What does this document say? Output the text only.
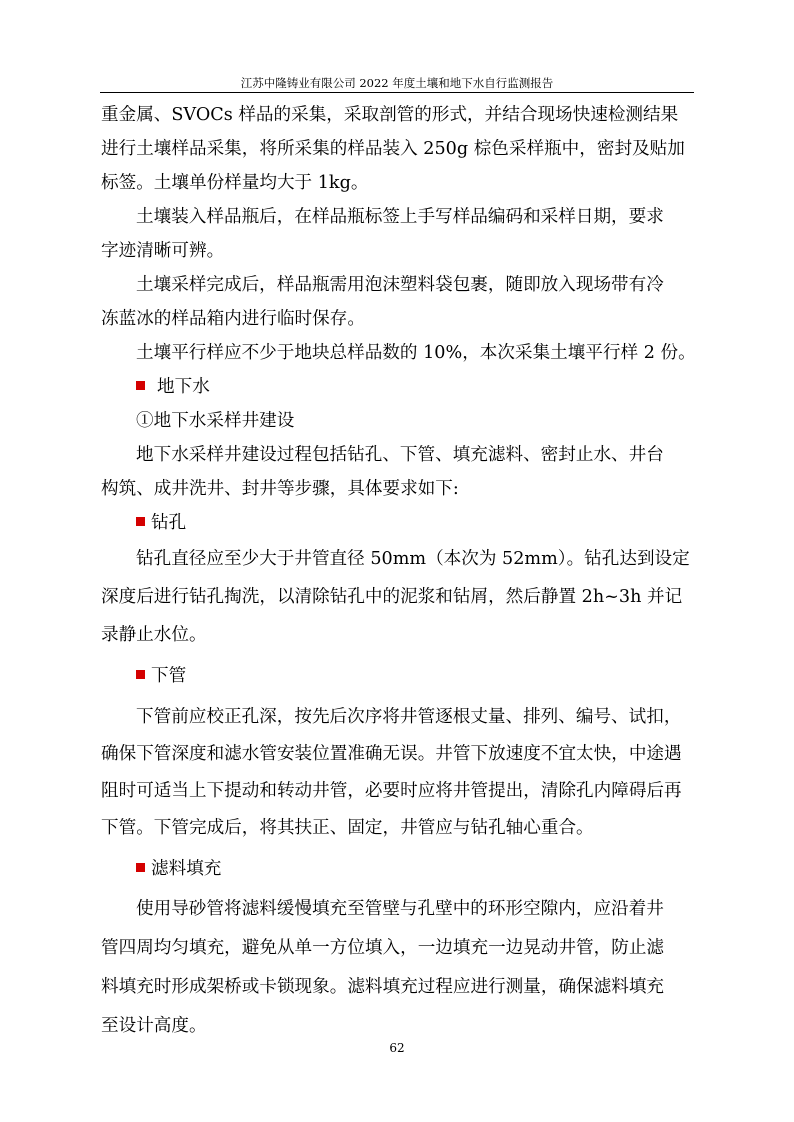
江苏中隆铸业有限公司 2022 年度土壤和地下水自行监测报告
重金属、SVOCs 样品的采集，采取剖管的形式，并结合现场快速检测结果
进行土壤样品采集，将所采集的样品装入 250g 棕色采样瓶中，密封及贴加
标签。土壤单份样量均大于 1kg。
土壤装入样品瓶后，在样品瓶标签上手写样品编码和采样日期，要求
字迹清晰可辨。
土壤采样完成后，样品瓶需用泡沫塑料袋包裹，随即放入现场带有冷
冻蓝冰的样品箱内进行临时保存。
土壤平行样应不少于地块总样品数的 10%，本次采集土壤平行样 2 份。
地下水
①地下水采样井建设
地下水采样井建设过程包括钻孔、下管、填充滤料、密封止水、井台
构筑、成井洗井、封井等步骤，具体要求如下:
钻孔
钻孔直径应至少大于井管直径 50mm（本次为 52mm）。钻孔达到设定
深度后进行钻孔掏洗，以清除钻孔中的泥浆和钻屑，然后静置 2h~3h 并记
录静止水位。
下管
下管前应校正孔深，按先后次序将井管逐根丈量、排列、编号、试扣，
确保下管深度和滤水管安装位置准确无误。井管下放速度不宜太快，中途遇
阻时可适当上下提动和转动井管，必要时应将井管提出，清除孔内障碍后再
下管。下管完成后，将其扶正、固定，井管应与钻孔轴心重合。
滤料填充
使用导砂管将滤料缓慢填充至管壁与孔壁中的环形空隙内，应沿着井
管四周均匀填充，避免从单一方位填入，一边填充一边晃动井管，防止滤
料填充时形成架桥或卡锁现象。滤料填充过程应进行测量，确保滤料填充
至设计高度。
62
